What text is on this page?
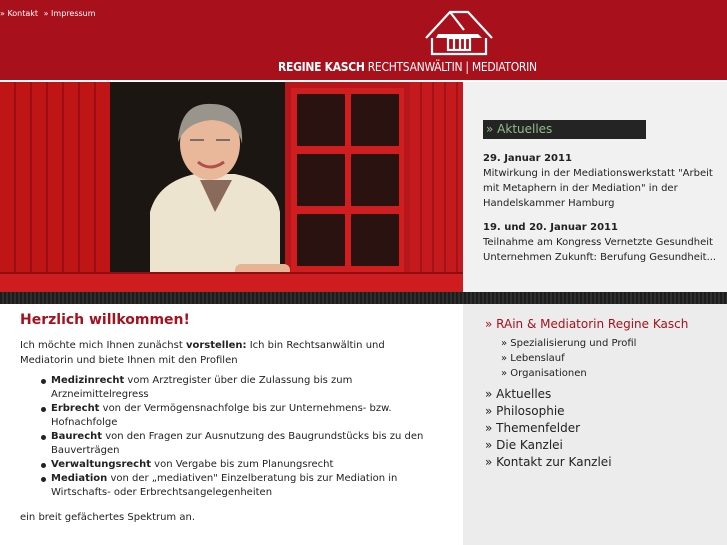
» Kontakt » Impressum
REGINE KASCH RECHTSANWÄLTIN | MEDIATORIN
» Aktuelles
29. Januar 2011
Mitwirkung in der Mediationswerkstatt "Arbeit mit Metaphern in der Mediation" in der Handelskammer Hamburg
19. und 20. Januar 2011
Teilnahme am Kongress Vernetzte Gesundheit Unternehmen Zukunft: Berufung Gesundheit...
Herzlich willkommen!

Ich möchte mich Ihnen zunächst vorstellen: Ich bin Rechtsanwältin und Mediatorin und biete Ihnen mit den Profilen

Medizinrecht vom Arztregister über die Zulassung bis zum Arzneimittelregress
Erbrecht von der Vermögensnachfolge bis zur Unternehmens- bzw. Hofnachfolge
Baurecht von den Fragen zur Ausnutzung des Baugrundstücks bis zu den Bauverträgen
Verwaltungsrecht von Vergabe bis zum Planungsrecht
Mediation von der „mediativen" Einzelberatung bis zur Mediation in Wirtschafts- oder Erbrechtsangelegenheiten

ein breit gefächertes Spektrum an.

» RAin & Mediatorin Regine Kasch
» Spezialisierung und Profil
» Lebenslauf
» Organisationen
» Aktuelles
» Philosophie
» Themenfelder
» Die Kanzlei
» Kontakt zur Kanzlei
